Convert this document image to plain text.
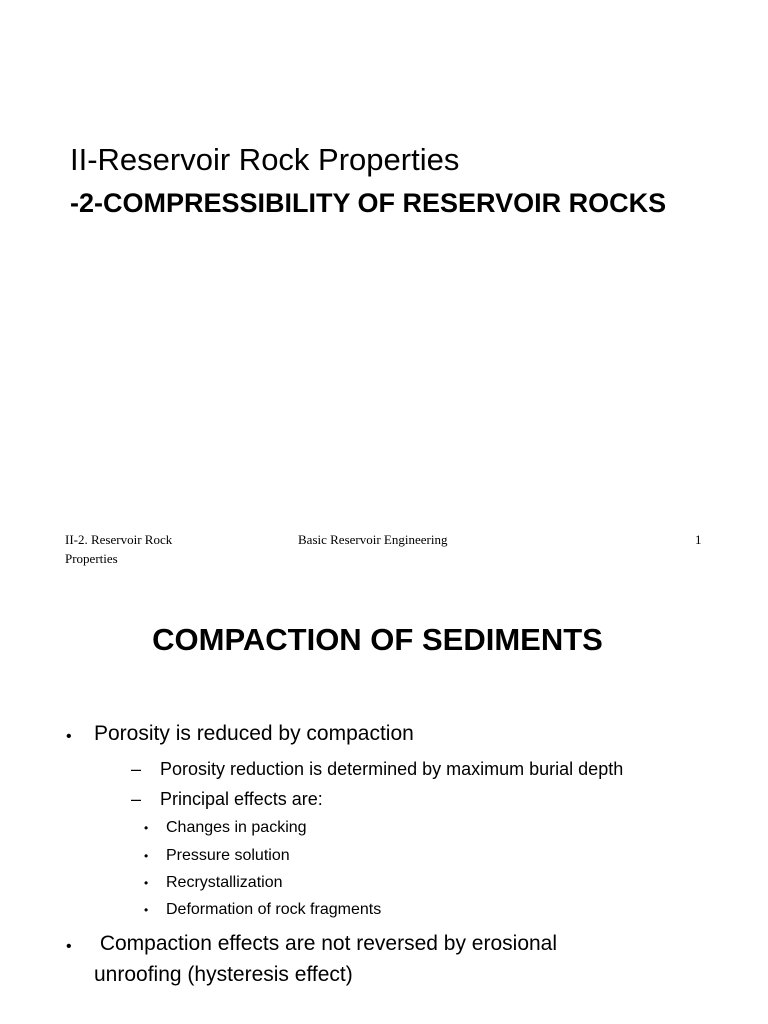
II-Reservoir Rock Properties
-2-COMPRESSIBILITY OF RESERVOIR ROCKS
II-2. Reservoir Rock
Properties
Basic Reservoir Engineering	1
COMPACTION OF SEDIMENTS
• Porosity is reduced by compaction
– Porosity reduction is determined by maximum burial depth
– Principal effects are:
• Changes in packing
• Pressure solution
• Recrystallization
• Deformation of rock fragments
• Compaction effects are not reversed by erosional
unroofing (hysteresis effect)
